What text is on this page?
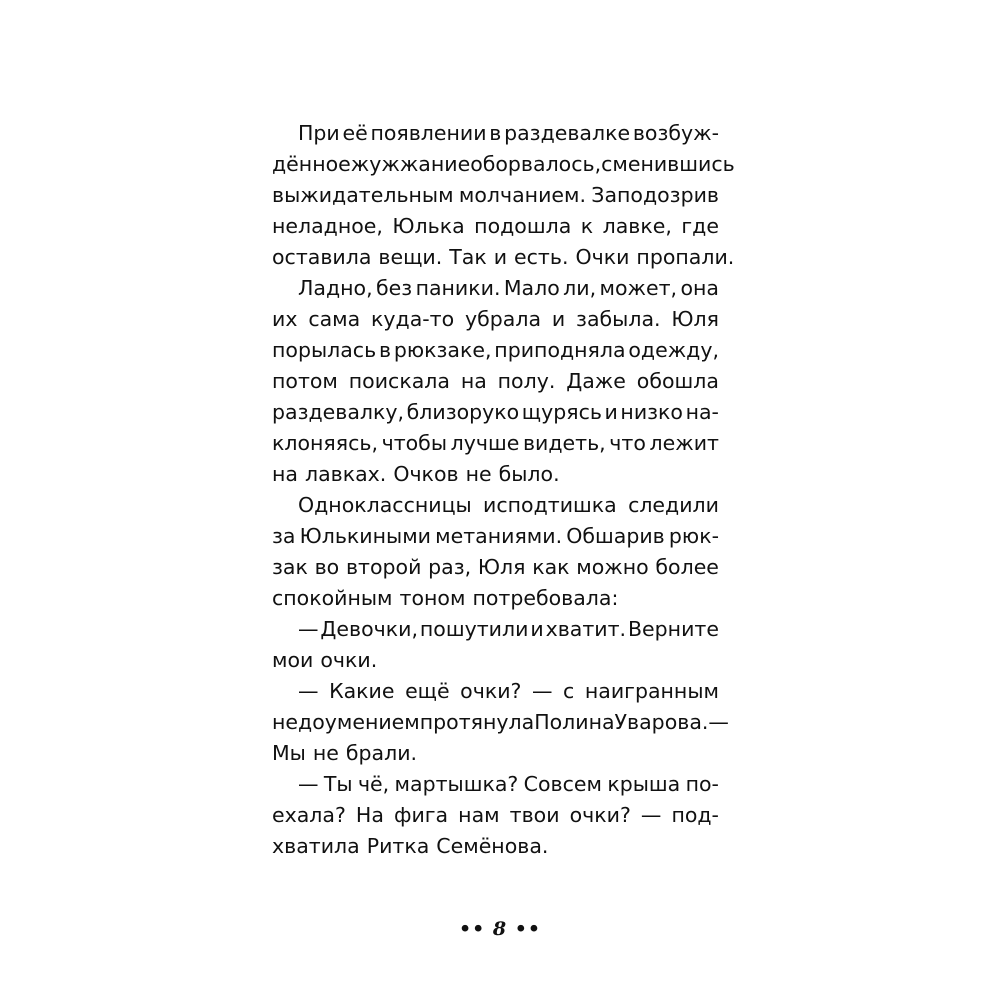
При её появлении в раздевалке возбуж-
дённое жужжание оборвалось, сменившись
выжидательным молчанием. Заподозрив
неладное, Юлька подошла к лавке, где
оставила вещи. Так и есть. Очки пропали.
Ладно, без паники. Мало ли, может, она
их сама куда-то убрала и забыла. Юля
порылась в рюкзаке, приподняла одежду,
потом поискала на полу. Даже обошла
раздевалку, близоруко щурясь и низко на-
клоняясь, чтобы лучше видеть, что лежит
на лавках. Очков не было.
Одноклассницы исподтишка следили
за Юлькиными метаниями. Обшарив рюк-
зак во второй раз, Юля как можно более
спокойным тоном потребовала:
— Девочки, пошутили и хватит. Верните
мои очки.
— Какие ещё очки? — с наигранным
недоумением протянула Полина Уварова. —
Мы не брали.
— Ты чё, мартышка? Совсем крыша по-
ехала? На фига нам твои очки? — под-
хватила Ритка Семёнова.
•• 8 ••
